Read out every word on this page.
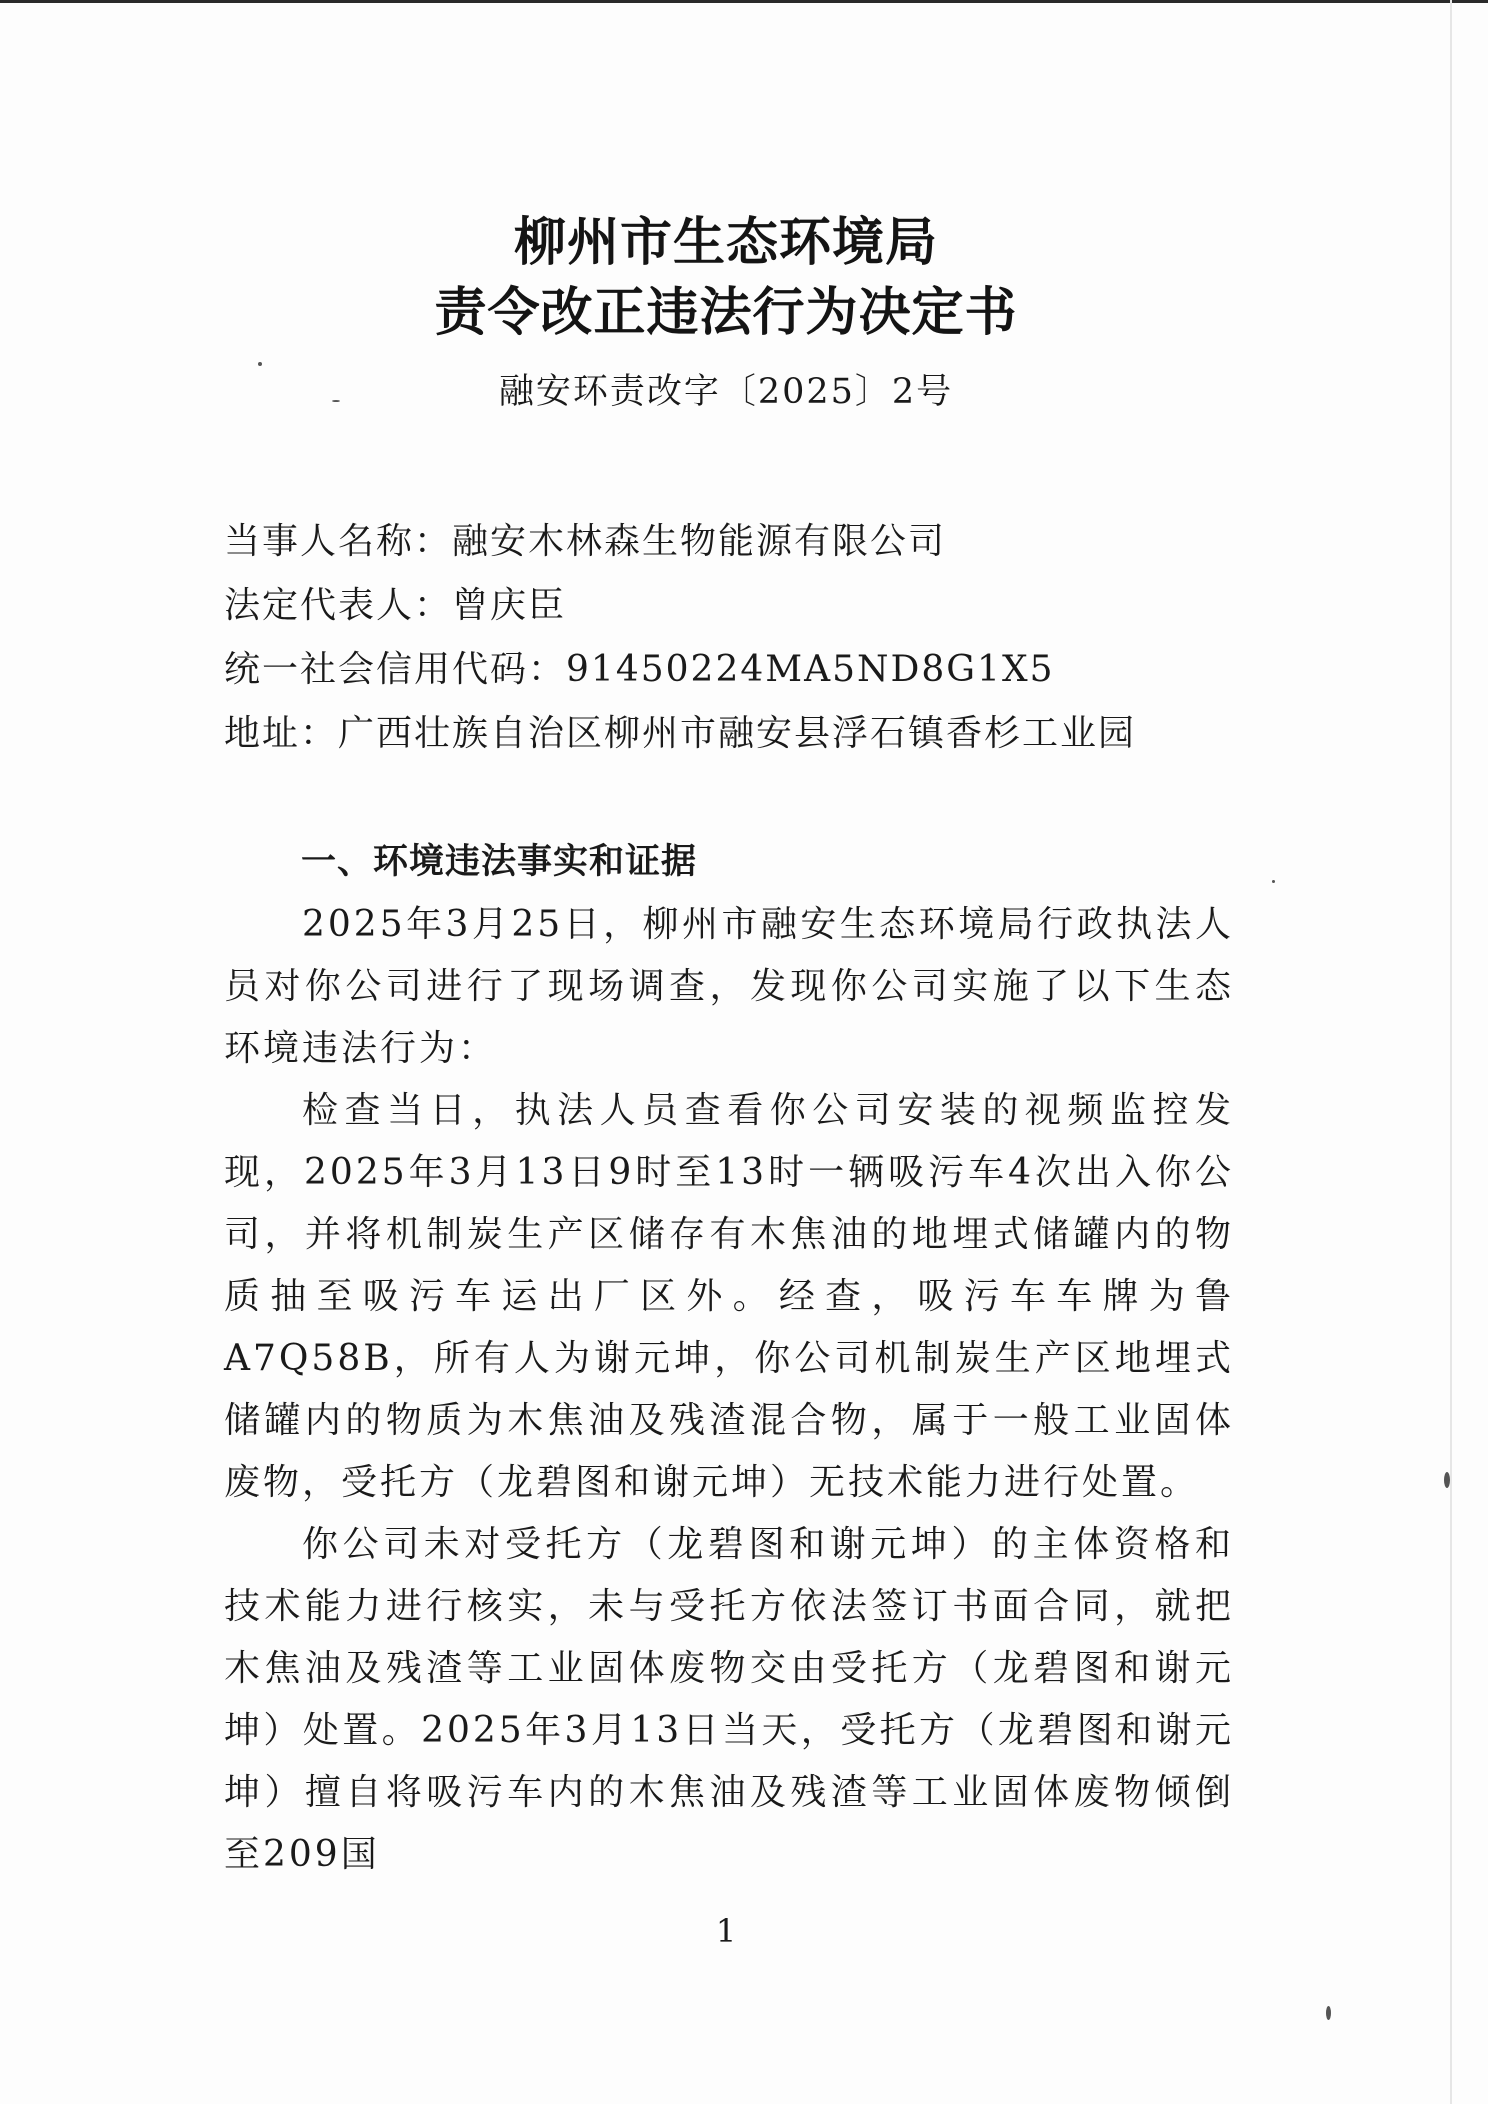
柳州市生态环境局
责令改正违法行为决定书
融安环责改字〔2025〕2号
当事人名称：融安木林森生物能源有限公司
法定代表人：曾庆臣
统一社会信用代码：91450224MA5ND8G1X5
地址：广西壮族自治区柳州市融安县浮石镇香杉工业园
一、环境违法事实和证据

2025年3月25日，柳州市融安生态环境局行政执法人员对你公司进行了现场调查，发现你公司实施了以下生态环境违法行为：

检查当日，执法人员查看你公司安装的视频监控发现，2025年3月13日9时至13时一辆吸污车4次出入你公司，并将机制炭生产区储存有木焦油的地埋式储罐内的物质抽至吸污车运出厂区外。经查，吸污车车牌为鲁A7Q58B，所有人为谢元坤，你公司机制炭生产区地埋式储罐内的物质为木焦油及残渣混合物，属于一般工业固体废物，受托方（龙碧图和谢元坤）无技术能力进行处置。

你公司未对受托方（龙碧图和谢元坤）的主体资格和技术能力进行核实，未与受托方依法签订书面合同，就把木焦油及残渣等工业固体废物交由受托方（龙碧图和谢元坤）处置。2025年3月13日当天，受托方（龙碧图和谢元坤）擅自将吸污车内的木焦油及残渣等工业固体废物倾倒至209国

1
